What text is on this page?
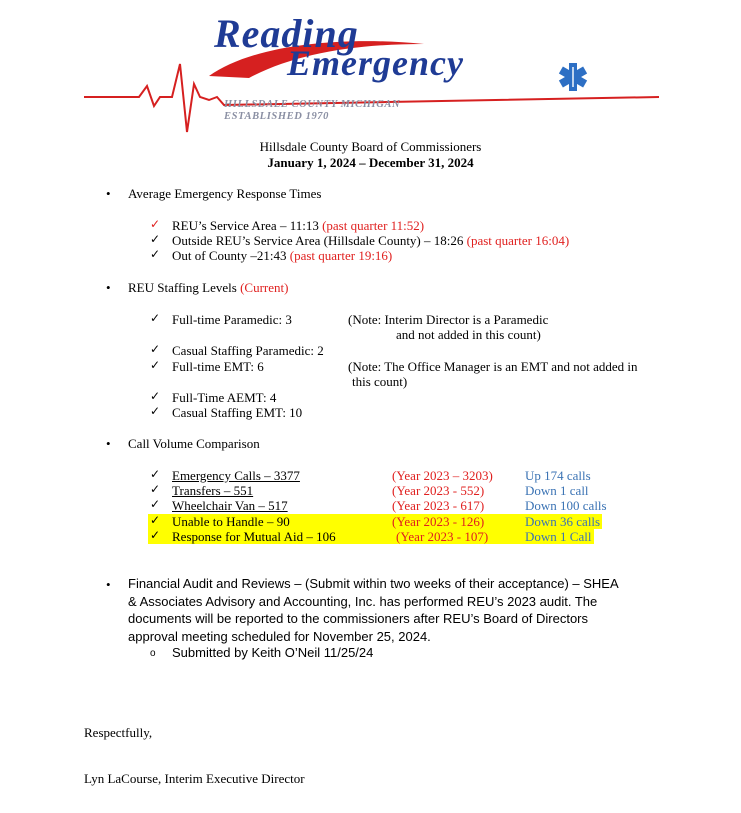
Reading
Emergency
HILLSDALE COUNTY MICHIGAN
ESTABLISHED 1970
Hillsdale County Board of Commissioners
January 1, 2024 – December 31, 2024
• Average Emergency Response Times
✓ REU’s Service Area – 11:13 (past quarter 11:52)
✓ Outside REU’s Service Area (Hillsdale County) – 18:26 (past quarter 16:04)
✓ Out of County –21:43 (past quarter 19:16)
• REU Staffing Levels (Current)
✓ Full-time Paramedic: 3	(Note: Interim Director is a Paramedic
and not added in this count)
✓ Casual Staffing Paramedic: 2
✓ Full-time EMT: 6	(Note: The Office Manager is an EMT and not added in
this count)
✓ Full-Time AEMT: 4
✓ Casual Staffing EMT: 10
• Call Volume Comparison
✓ Emergency Calls – 3377	(Year 2023 – 3203) Up 174 calls
✓ Transfers – 551	(Year 2023 - 552)	Down 1 call
✓ Wheelchair Van – 517	(Year 2023 - 617)	Down 100 calls
✓ Unable to Handle – 90	(Year 2023 - 126)	Down 36 calls
✓ Response for Mutual Aid – 106	(Year 2023 - 107)	Down 1 Call
• Financial Audit and Reviews – (Submit within two weeks of their acceptance) – SHEA
& Associates Advisory and Accounting, Inc. has performed REU’s 2023 audit. The
documents will be reported to the commissioners after REU’s Board of Directors
approval meeting scheduled for November 25, 2024.
o Submitted by Keith O’Neil 11/25/24
Respectfully,
Lyn LaCourse, Interim Executive Director
